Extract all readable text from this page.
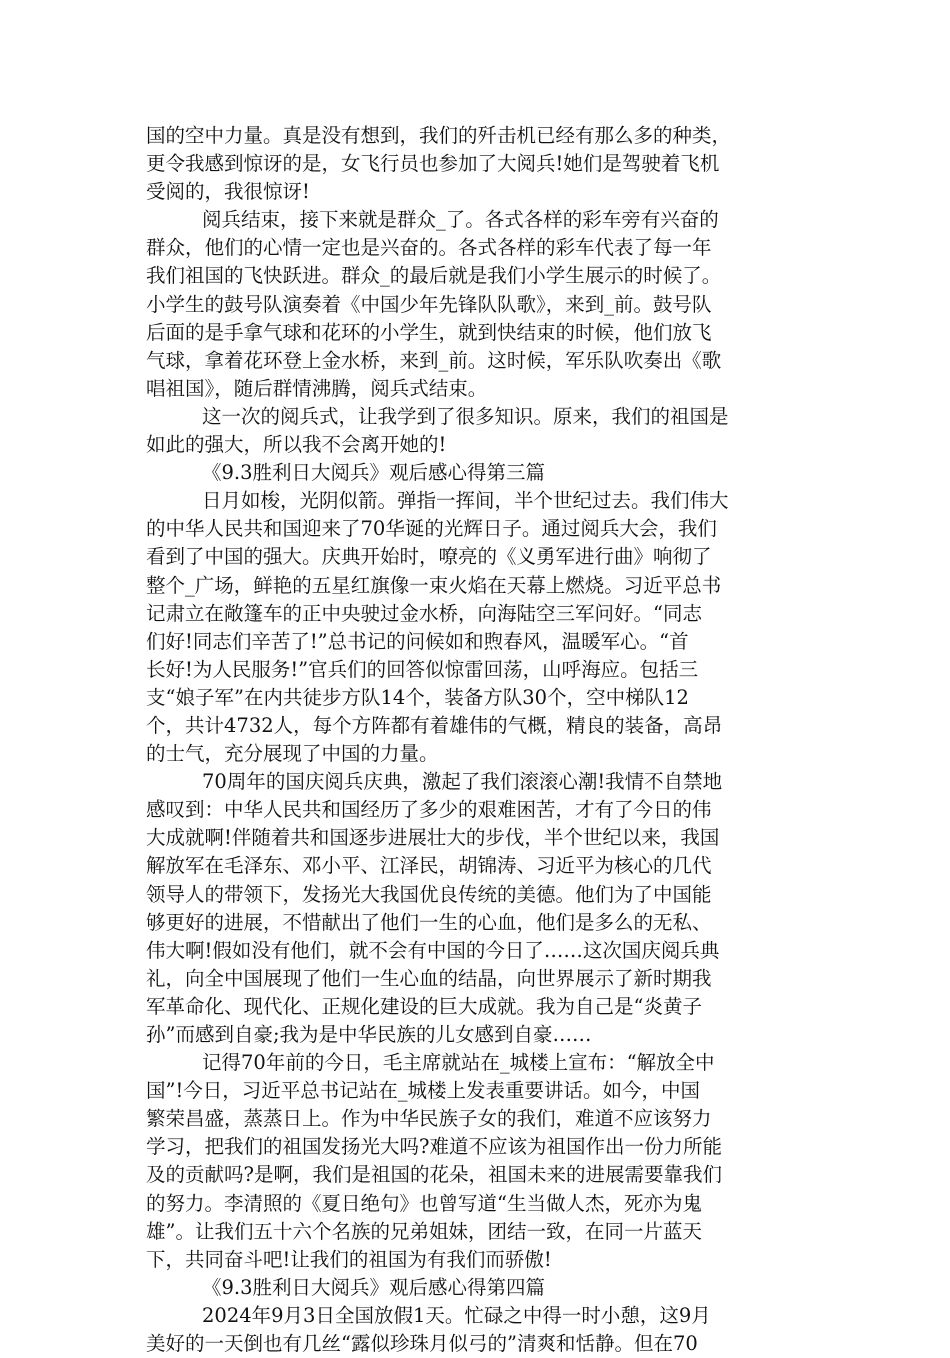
国的空中力量。真是没有想到，我们的歼击机已经有那么多的种类，
更令我感到惊讶的是，女飞行员也参加了大阅兵!她们是驾驶着飞机
受阅的，我很惊讶!
阅兵结束，接下来就是群众_了。各式各样的彩车旁有兴奋的
群众，他们的心情一定也是兴奋的。各式各样的彩车代表了每一年
我们祖国的飞快跃进。群众_的最后就是我们小学生展示的时候了。
小学生的鼓号队演奏着《中国少年先锋队队歌》，来到_前。鼓号队
后面的是手拿气球和花环的小学生，就到快结束的时候，他们放飞
气球，拿着花环登上金水桥，来到_前。这时候，军乐队吹奏出《歌
唱祖国》，随后群情沸腾，阅兵式结束。
这一次的阅兵式，让我学到了很多知识。原来，我们的祖国是
如此的强大，所以我不会离开她的!
《9.3胜利日大阅兵》观后感心得第三篇
日月如梭，光阴似箭。弹指一挥间，半个世纪过去。我们伟大
的中华人民共和国迎来了70华诞的光辉日子。通过阅兵大会，我们
看到了中国的强大。庆典开始时，嘹亮的《义勇军进行曲》响彻了
整个_广场，鲜艳的五星红旗像一束火焰在天幕上燃烧。习近平总书
记肃立在敞篷车的正中央驶过金水桥，向海陆空三军问好。“同志
们好!同志们辛苦了!”总书记的问候如和煦春风，温暖军心。“首
长好!为人民服务!”官兵们的回答似惊雷回荡，山呼海应。包括三
支“娘子军”在内共徒步方队14个，装备方队30个，空中梯队12
个，共计4732人，每个方阵都有着雄伟的气概，精良的装备，高昂
的士气，充分展现了中国的力量。
70周年的国庆阅兵庆典，激起了我们滚滚心潮!我情不自禁地
感叹到：中华人民共和国经历了多少的艰难困苦，才有了今日的伟
大成就啊!伴随着共和国逐步进展壮大的步伐，半个世纪以来，我国
解放军在毛泽东、邓小平、江泽民，胡锦涛、习近平为核心的几代
领导人的带领下，发扬光大我国优良传统的美德。他们为了中国能
够更好的进展，不惜献出了他们一生的心血，他们是多么的无私、
伟大啊!假如没有他们，就不会有中国的今日了……这次国庆阅兵典
礼，向全中国展现了他们一生心血的结晶，向世界展示了新时期我
军革命化、现代化、正规化建设的巨大成就。我为自己是“炎黄子
孙”而感到自豪;我为是中华民族的儿女感到自豪……
记得70年前的今日，毛主席就站在_城楼上宣布：“解放全中
国”!今日，习近平总书记站在_城楼上发表重要讲话。如今，中国
繁荣昌盛，蒸蒸日上。作为中华民族子女的我们，难道不应该努力
学习，把我们的祖国发扬光大吗?难道不应该为祖国作出一份力所能
及的贡献吗?是啊，我们是祖国的花朵，祖国未来的进展需要靠我们
的努力。李清照的《夏日绝句》也曾写道“生当做人杰，死亦为鬼
雄”。让我们五十六个名族的兄弟姐妹，团结一致，在同一片蓝天
下，共同奋斗吧!让我们的祖国为有我们而骄傲!
《9.3胜利日大阅兵》观后感心得第四篇
2024年9月3日全国放假1天。忙碌之中得一时小憩，这9月
美好的一天倒也有几丝“露似珍珠月似弓的”清爽和恬静。但在70
